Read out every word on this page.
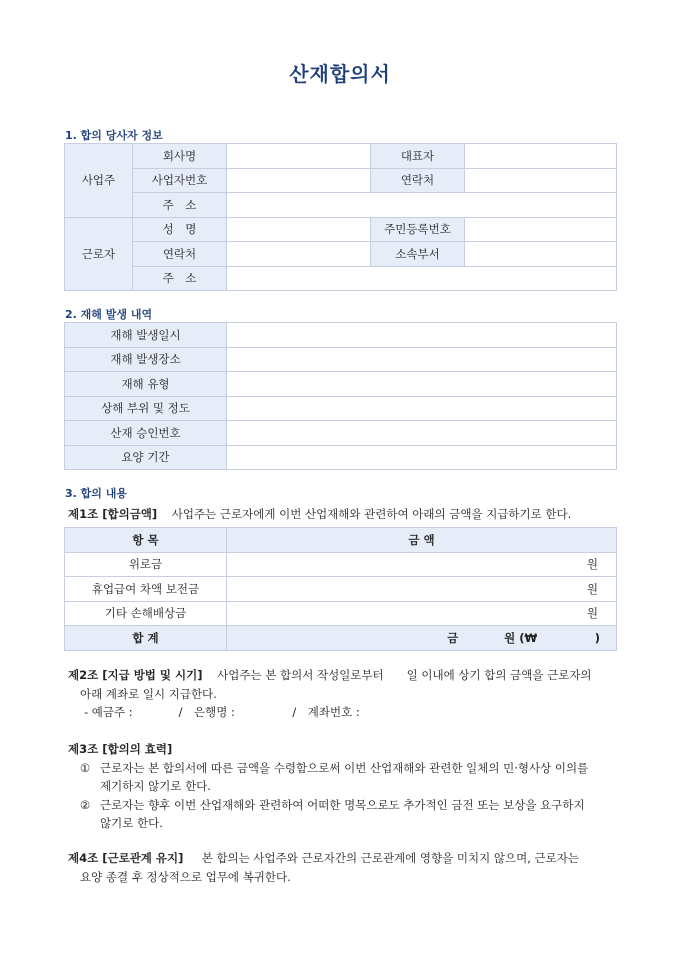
산재합의서
1. 합의 당사자 정보
사업주	회사명		대표자	
	사업자번호		연락처	
	주　소			
근로자	성　명		주민등록번호	
	연락처		소속부서	
	주　소			
2. 재해 발생 내역
재해 발생일시	
재해 발생장소	
재해 유형	
상해 부위 및 정도	
산재 승인번호	
요양 기간	
3. 합의 내용
제1조 [합의금액] 사업주는 근로자에게 이번 산업재해와 관련하여 아래의 금액을 지급하기로 한다.
항 목	금 액
위로금	원
휴업급여 차액 보전금	원
기타 손해배상금	원
합 계	금　　　　원 (₩　　　　　)
제2조 [지급 방법 및 시기] 사업주는 본 합의서 작성일로부터　　일 이내에 상기 합의 금액을 근로자의
아래 계좌로 일시 지급한다.
- 예금주 :　　　　/　은행명 :　　　　　/　계좌번호 :
제3조 [합의의 효력]
① 근로자는 본 합의서에 따른 금액을 수령함으로써 이번 산업재해와 관련한 일체의 민·형사상 이의를
제기하지 않기로 한다.
② 근로자는 향후 이번 산업재해와 관련하여 어떠한 명목으로도 추가적인 금전 또는 보상을 요구하지
않기로 한다.
제4조 [근로관계 유지] 본 합의는 사업주와 근로자간의 근로관계에 영향을 미치지 않으며, 근로자는
요양 종결 후 정상적으로 업무에 복귀한다.
